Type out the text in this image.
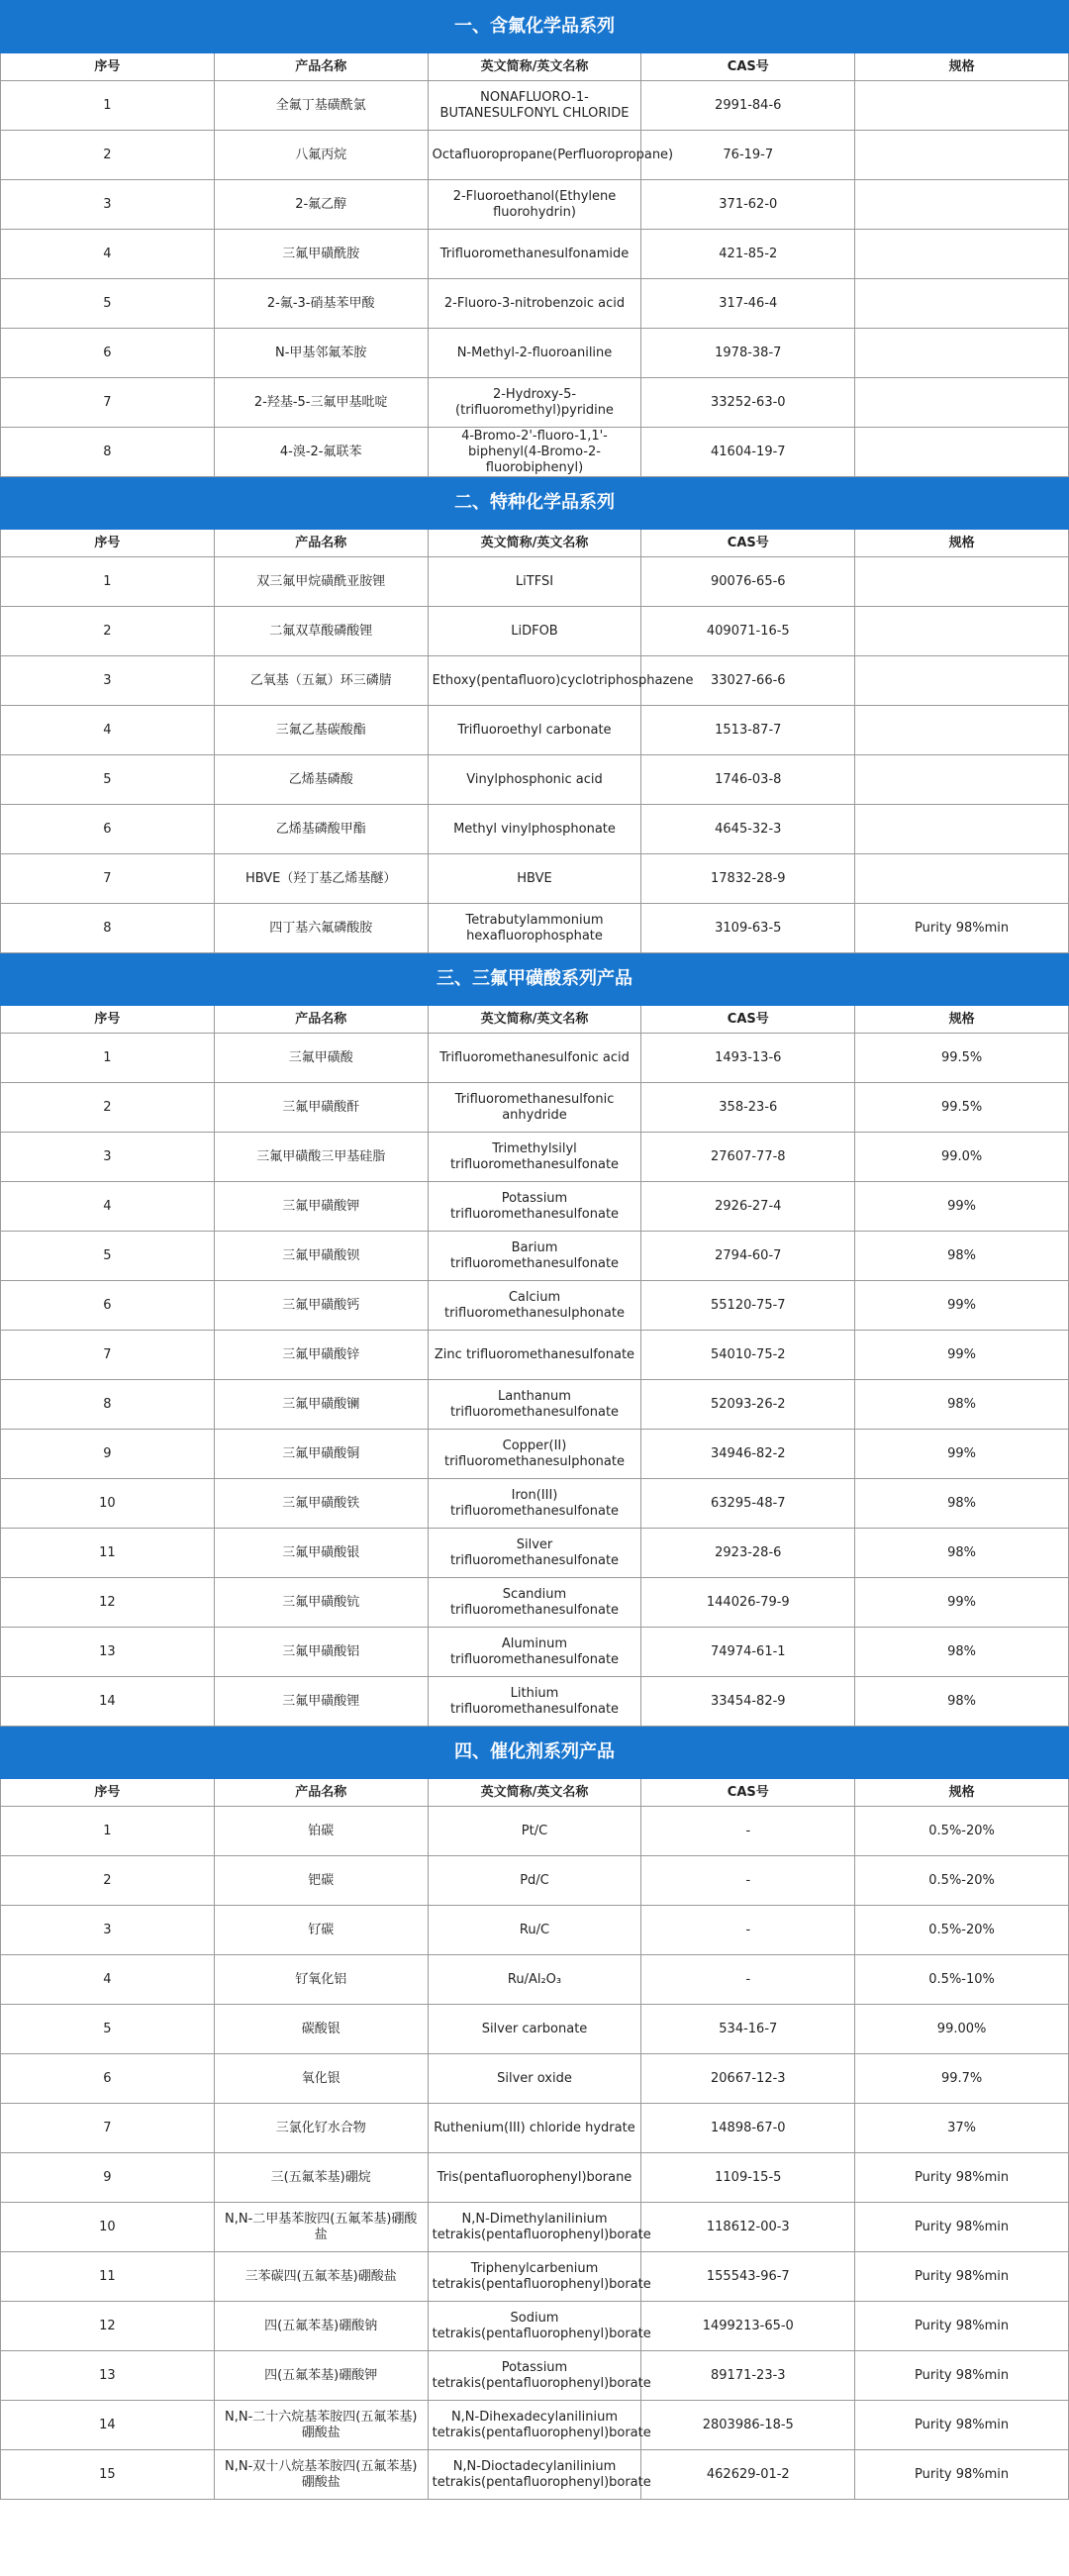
一、含氟化学品系列				
序号	产品名称	英文简称/英文名称	CAS号	规格
1	全氟丁基磺酰氯	NONAFLUORO-1-BUTANESULFONYL CHLORIDE	2991-84-6	
2	八氟丙烷	Octafluoropropane(Perfluoropropane)	76-19-7	
3	2-氟乙醇	2-Fluoroethanol(Ethylene fluorohydrin)	371-62-0	
4	三氟甲磺酰胺	Trifluoromethanesulfonamide	421-85-2	
5	2-氟-3-硝基苯甲酸	2-Fluoro-3-nitrobenzoic acid	317-46-4	
6	N-甲基邻氟苯胺	N-Methyl-2-fluoroaniline	1978-38-7	
7	2-羟基-5-三氟甲基吡啶	2-Hydroxy-5-(trifluoromethyl)pyridine	33252-63-0	
8	4-溴-2-氟联苯	4-Bromo-2'-fluoro-1,1'-biphenyl(4-Bromo-2-fluorobiphenyl)	41604-19-7	
二、特种化学品系列				
序号	产品名称	英文简称/英文名称	CAS号	规格
1	双三氟甲烷磺酰亚胺锂	LiTFSI	90076-65-6	
2	二氟双草酸磷酸锂	LiDFOB	409071-16-5	
3	乙氧基（五氟）环三磷腈	Ethoxy(pentafluoro)cyclotriphosphazene	33027-66-6	
4	三氟乙基碳酸酯	Trifluoroethyl carbonate	1513-87-7	
5	乙烯基磷酸	Vinylphosphonic acid	1746-03-8	
6	乙烯基磷酸甲酯	Methyl vinylphosphonate	4645-32-3	
7	HBVE（羟丁基乙烯基醚）	HBVE	17832-28-9	
8	四丁基六氟磷酸胺	Tetrabutylammonium hexafluorophosphate	3109-63-5	Purity 98%min
三、三氟甲磺酸系列产品				
序号	产品名称	英文简称/英文名称	CAS号	规格
1	三氟甲磺酸	Trifluoromethanesulfonic acid	1493-13-6	99.5%
2	三氟甲磺酸酐	Trifluoromethanesulfonic anhydride	358-23-6	99.5%
3	三氟甲磺酸三甲基硅脂	Trimethylsilyl trifluoromethanesulfonate	27607-77-8	99.0%
4	三氟甲磺酸钾	Potassium trifluoromethanesulfonate	2926-27-4	99%
5	三氟甲磺酸钡	Barium trifluoromethanesulfonate	2794-60-7	98%
6	三氟甲磺酸钙	Calcium trifluoromethanesulphonate	55120-75-7	99%
7	三氟甲磺酸锌	Zinc trifluoromethanesulfonate	54010-75-2	99%
8	三氟甲磺酸镧	Lanthanum trifluoromethanesulfonate	52093-26-2	98%
9	三氟甲磺酸铜	Copper(II) trifluoromethanesulphonate	34946-82-2	99%
10	三氟甲磺酸铁	Iron(III) trifluoromethanesulfonate	63295-48-7	98%
11	三氟甲磺酸银	Silver trifluoromethanesulfonate	2923-28-6	98%
12	三氟甲磺酸钪	Scandium trifluoromethanesulfonate	144026-79-9	99%
13	三氟甲磺酸铝	Aluminum trifluoromethanesulfonate	74974-61-1	98%
14	三氟甲磺酸锂	Lithium trifluoromethanesulfonate	33454-82-9	98%
四、催化剂系列产品				
序号	产品名称	英文简称/英文名称	CAS号	规格
1	铂碳	Pt/C	-	0.5%-20%
2	钯碳	Pd/C	-	0.5%-20%
3	钌碳	Ru/C	-	0.5%-20%
4	钌氧化铝	Ru/Al₂O₃	-	0.5%-10%
5	碳酸银	Silver carbonate	534-16-7	99.00%
6	氧化银	Silver oxide	20667-12-3	99.7%
7	三氯化钌水合物	Ruthenium(III) chloride hydrate	14898-67-0	37%
9	三(五氟苯基)硼烷	Tris(pentafluorophenyl)borane	1109-15-5	Purity 98%min
10	N,N-二甲基苯胺四(五氟苯基)硼酸盐	N,N-Dimethylanilinium tetrakis(pentafluorophenyl)borate	118612-00-3	Purity 98%min
11	三苯碳四(五氟苯基)硼酸盐	Triphenylcarbenium tetrakis(pentafluorophenyl)borate	155543-96-7	Purity 98%min
12	四(五氟苯基)硼酸钠	Sodium tetrakis(pentafluorophenyl)borate	1499213-65-0	Purity 98%min
13	四(五氟苯基)硼酸钾	Potassium tetrakis(pentafluorophenyl)borate	89171-23-3	Purity 98%min
14	N,N-二十六烷基苯胺四(五氟苯基)硼酸盐	N,N-Dihexadecylanilinium tetrakis(pentafluorophenyl)borate	2803986-18-5	Purity 98%min
15	N,N-双十八烷基苯胺四(五氟苯基)硼酸盐	N,N-Dioctadecylanilinium tetrakis(pentafluorophenyl)borate	462629-01-2	Purity 98%min
